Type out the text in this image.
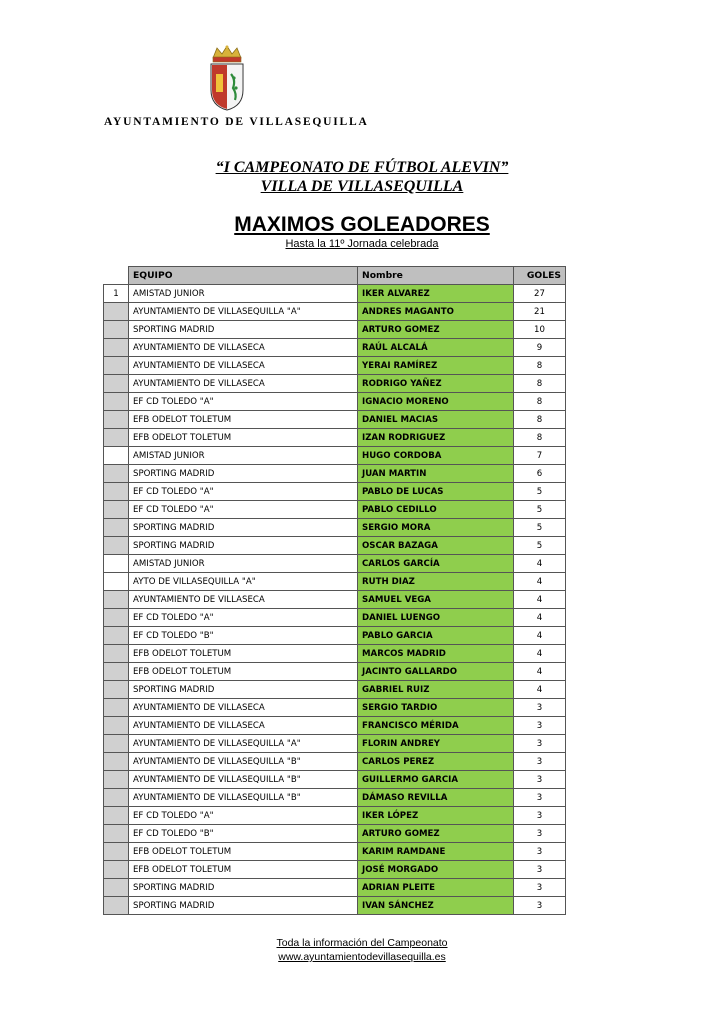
AYUNTAMIENTO DE VILLASEQUILLA
“I CAMPEONATO DE FÚTBOL ALEVIN”
VILLA DE VILLASEQUILLA
MAXIMOS GOLEADORES
Hasta la 11º Jornada celebrada
	EQUIPO	Nombre	GOLES
1	AMISTAD JUNIOR	IKER ALVAREZ	27
	AYUNTAMIENTO DE VILLASEQUILLA "A"	ANDRES MAGANTO	21
	SPORTING MADRID	ARTURO GOMEZ	10
	AYUNTAMIENTO DE VILLASECA	RAÚL ALCALÁ	9
	AYUNTAMIENTO DE VILLASECA	YERAI RAMÍREZ	8
	AYUNTAMIENTO DE VILLASECA	RODRIGO YAÑEZ	8
	EF CD TOLEDO "A"	IGNACIO MORENO	8
	EFB ODELOT TOLETUM	DANIEL MACIAS	8
	EFB ODELOT TOLETUM	IZAN RODRIGUEZ	8
	AMISTAD JUNIOR	HUGO CORDOBA	7
	SPORTING MADRID	JUAN MARTIN	6
	EF CD TOLEDO "A"	PABLO DE LUCAS	5
	EF CD TOLEDO "A"	PABLO CEDILLO	5
	SPORTING MADRID	SERGIO MORA	5
	SPORTING MADRID	OSCAR BAZAGA	5
	AMISTAD JUNIOR	CARLOS GARCÍA	4
	AYTO DE VILLASEQUILLA "A"	RUTH DIAZ	4
	AYUNTAMIENTO DE VILLASECA	SAMUEL VEGA	4
	EF CD TOLEDO "A"	DANIEL LUENGO	4
	EF CD TOLEDO "B"	PABLO GARCIA	4
	EFB ODELOT TOLETUM	MARCOS MADRID	4
	EFB ODELOT TOLETUM	JACINTO GALLARDO	4
	SPORTING MADRID	GABRIEL RUIZ	4
	AYUNTAMIENTO DE VILLASECA	SERGIO TARDIO	3
	AYUNTAMIENTO DE VILLASECA	FRANCISCO MÉRIDA	3
	AYUNTAMIENTO DE VILLASEQUILLA "A"	FLORIN ANDREY	3
	AYUNTAMIENTO DE VILLASEQUILLA "B"	CARLOS PEREZ	3
	AYUNTAMIENTO DE VILLASEQUILLA "B"	GUILLERMO GARCIA	3
	AYUNTAMIENTO DE VILLASEQUILLA "B"	DÁMASO REVILLA	3
	EF CD TOLEDO "A"	IKER LÓPEZ	3
	EF CD TOLEDO "B"	ARTURO GOMEZ	3
	EFB ODELOT TOLETUM	KARIM RAMDANE	3
	EFB ODELOT TOLETUM	JOSÉ MORGADO	3
	SPORTING MADRID	ADRIAN PLEITE	3
	SPORTING MADRID	IVAN SÁNCHEZ	3
Toda la información del Campeonato
www.ayuntamientodevillasequilla.es
